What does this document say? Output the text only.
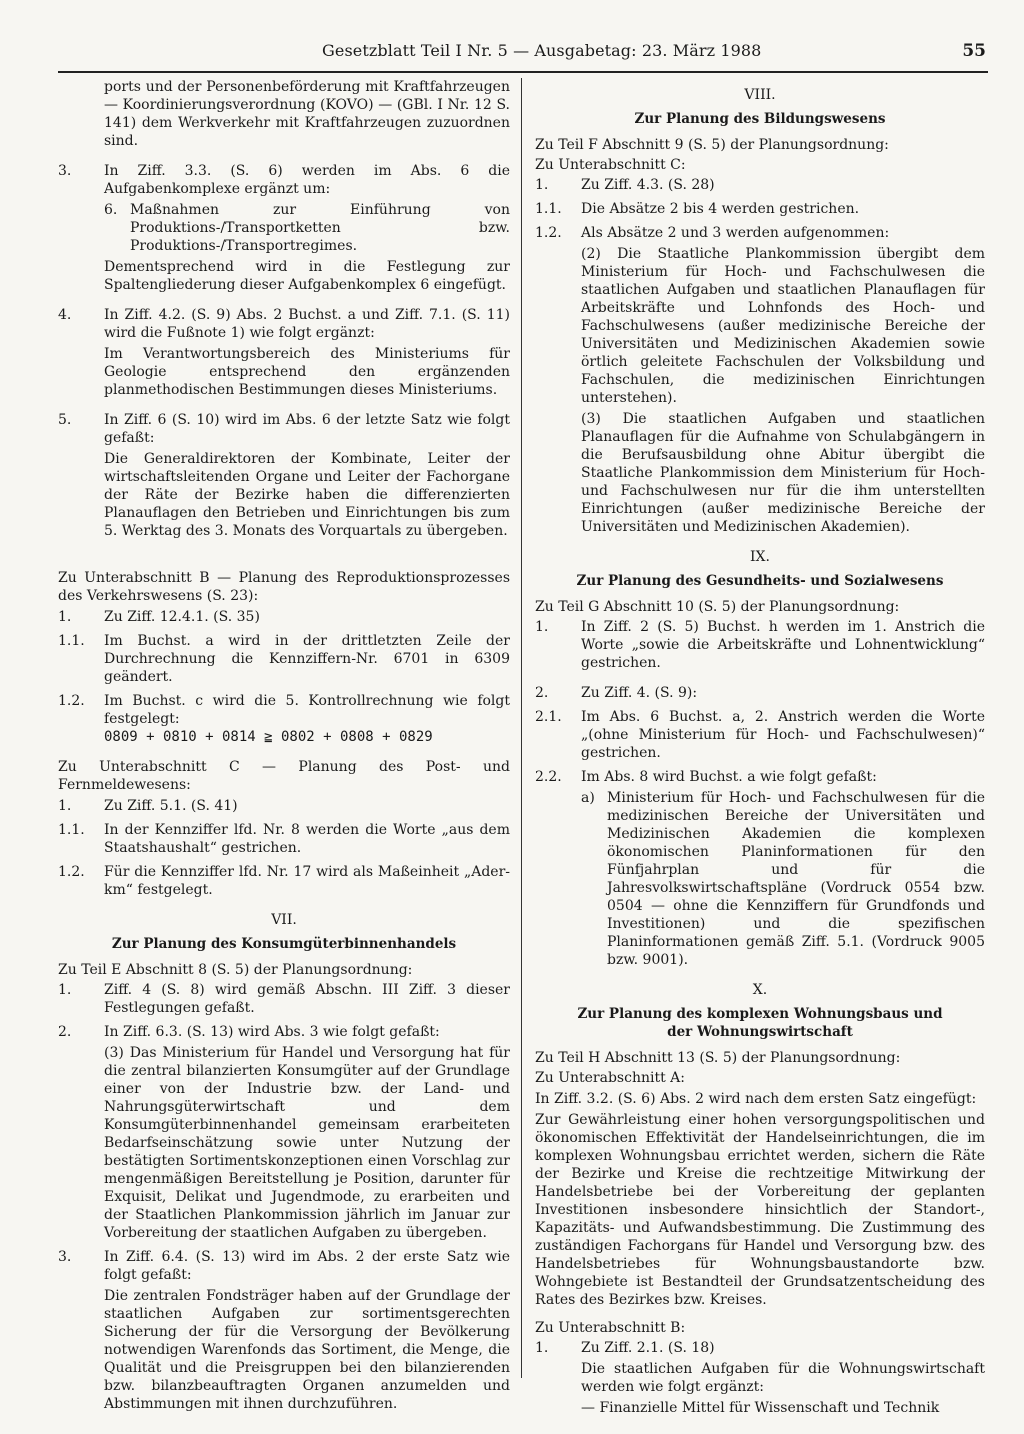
Gesetzblatt Teil I Nr. 5 — Ausgabetag: 23. März 1988	55
ports und der Personenbeförderung mit Kraftfahrzeugen — Koordinierungsverordnung (KOVO) — (GBl. I Nr. 12 S. 141) dem Werkverkehr mit Kraftfahrzeugen zuzuordnen sind.
3. In Ziff. 3.3. (S. 6) werden im Abs. 6 die Aufgabenkomplexe ergänzt um:
6. Maßnahmen zur Einführung von Produktions-/Transportketten bzw. Produktions-/Transportregimes.
Dementsprechend wird in die Festlegung zur Spaltengliederung dieser Aufgabenkomplex 6 eingefügt.
4. In Ziff. 4.2. (S. 9) Abs. 2 Buchst. a und Ziff. 7.1. (S. 11) wird die Fußnote 1) wie folgt ergänzt:
Im Verantwortungsbereich des Ministeriums für Geologie entsprechend den ergänzenden planmethodischen Bestimmungen dieses Ministeriums.
5. In Ziff. 6 (S. 10) wird im Abs. 6 der letzte Satz wie folgt gefaßt:
Die Generaldirektoren der Kombinate, Leiter der wirtschaftsleitenden Organe und Leiter der Fachorgane der Räte der Bezirke haben die differenzierten Planauflagen den Betrieben und Einrichtungen bis zum 5. Werktag des 3. Monats des Vorquartals zu übergeben.
Zu Unterabschnitt B — Planung des Reproduktionsprozesses des Verkehrswesens (S. 23):
1. Zu Ziff. 12.4.1. (S. 35)
1.1. Im Buchst. a wird in der drittletzten Zeile der Durchrechnung die Kennziffern-Nr. 6701 in 6309 geändert.
1.2. Im Buchst. c wird die 5. Kontrollrechnung wie folgt festgelegt:
0809 + 0810 + 0814 ≧ 0802 + 0808 + 0829
Zu Unterabschnitt C — Planung des Post- und Fernmeldewesens:
1. Zu Ziff. 5.1. (S. 41)
1.1. In der Kennziffer lfd. Nr. 8 werden die Worte „aus dem Staatshaushalt“ gestrichen.
1.2. Für die Kennziffer lfd. Nr. 17 wird als Maßeinheit „Ader-km“ festgelegt.
VII.
Zur Planung des Konsumgüterbinnenhandels
Zu Teil E Abschnitt 8 (S. 5) der Planungsordnung:
1. Ziff. 4 (S. 8) wird gemäß Abschn. III Ziff. 3 dieser Festlegungen gefaßt.
2. In Ziff. 6.3. (S. 13) wird Abs. 3 wie folgt gefaßt:
(3) Das Ministerium für Handel und Versorgung hat für die zentral bilanzierten Konsumgüter auf der Grundlage einer von der Industrie bzw. der Land- und Nahrungsgüterwirtschaft und dem Konsumgüterbinnenhandel gemeinsam erarbeiteten Bedarfseinschätzung sowie unter Nutzung der bestätigten Sortimentskonzeptionen einen Vorschlag zur mengenmäßigen Bereitstellung je Position, darunter für Exquisit, Delikat und Jugendmode, zu erarbeiten und der Staatlichen Plankommission jährlich im Januar zur Vorbereitung der staatlichen Aufgaben zu übergeben.
3. In Ziff. 6.4. (S. 13) wird im Abs. 2 der erste Satz wie folgt gefaßt:
Die zentralen Fondsträger haben auf der Grundlage der staatlichen Aufgaben zur sortimentsgerechten Sicherung der für die Versorgung der Bevölkerung notwendigen Warenfonds das Sortiment, die Menge, die Qualität und die Preisgruppen bei den bilanzierenden bzw. bilanzbeauftragten Organen anzumelden und Abstimmungen mit ihnen durchzuführen.
VIII.
Zur Planung des Bildungswesens
Zu Teil F Abschnitt 9 (S. 5) der Planungsordnung:
Zu Unterabschnitt C:
1. Zu Ziff. 4.3. (S. 28)
1.1. Die Absätze 2 bis 4 werden gestrichen.
1.2. Als Absätze 2 und 3 werden aufgenommen:
(2) Die Staatliche Plankommission übergibt dem Ministerium für Hoch- und Fachschulwesen die staatlichen Aufgaben und staatlichen Planauflagen für Arbeitskräfte und Lohnfonds des Hoch- und Fachschulwesens (außer medizinische Bereiche der Universitäten und Medizinischen Akademien sowie örtlich geleitete Fachschulen der Volksbildung und Fachschulen, die medizinischen Einrichtungen unterstehen).
(3) Die staatlichen Aufgaben und staatlichen Planauflagen für die Aufnahme von Schulabgängern in die Berufsausbildung ohne Abitur übergibt die Staatliche Plankommission dem Ministerium für Hoch- und Fachschulwesen nur für die ihm unterstellten Einrichtungen (außer medizinische Bereiche der Universitäten und Medizinischen Akademien).
IX.
Zur Planung des Gesundheits- und Sozialwesens
Zu Teil G Abschnitt 10 (S. 5) der Planungsordnung:
1. In Ziff. 2 (S. 5) Buchst. h werden im 1. Anstrich die Worte „sowie die Arbeitskräfte und Lohnentwicklung“ gestrichen.
2. Zu Ziff. 4. (S. 9):
2.1. Im Abs. 6 Buchst. a, 2. Anstrich werden die Worte „(ohne Ministerium für Hoch- und Fachschulwesen)“ gestrichen.
2.2. Im Abs. 8 wird Buchst. a wie folgt gefaßt:
a) Ministerium für Hoch- und Fachschulwesen für die medizinischen Bereiche der Universitäten und Medizinischen Akademien die komplexen ökonomischen Planinformationen für den Fünfjahrplan und für die Jahresvolkswirtschaftspläne (Vordruck 0554 bzw. 0504 — ohne die Kennziffern für Grundfonds und Investitionen) und die spezifischen Planinformationen gemäß Ziff. 5.1. (Vordruck 9005 bzw. 9001).
X.
Zur Planung des komplexen Wohnungsbaus und
der Wohnungswirtschaft
Zu Teil H Abschnitt 13 (S. 5) der Planungsordnung:
Zu Unterabschnitt A:
In Ziff. 3.2. (S. 6) Abs. 2 wird nach dem ersten Satz eingefügt:
Zur Gewährleistung einer hohen versorgungspolitischen und ökonomischen Effektivität der Handelseinrichtungen, die im komplexen Wohnungsbau errichtet werden, sichern die Räte der Bezirke und Kreise die rechtzeitige Mitwirkung der Handelsbetriebe bei der Vorbereitung der geplanten Investitionen insbesondere hinsichtlich der Standort-, Kapazitäts- und Aufwandsbestimmung. Die Zustimmung des zuständigen Fachorgans für Handel und Versorgung bzw. des Handelsbetriebes für Wohnungsbaustandorte bzw. Wohngebiete ist Bestandteil der Grundsatzentscheidung des Rates des Bezirkes bzw. Kreises.
Zu Unterabschnitt B:
1. Zu Ziff. 2.1. (S. 18)
Die staatlichen Aufgaben für die Wohnungswirtschaft werden wie folgt ergänzt:
— Finanzielle Mittel für Wissenschaft und Technik
